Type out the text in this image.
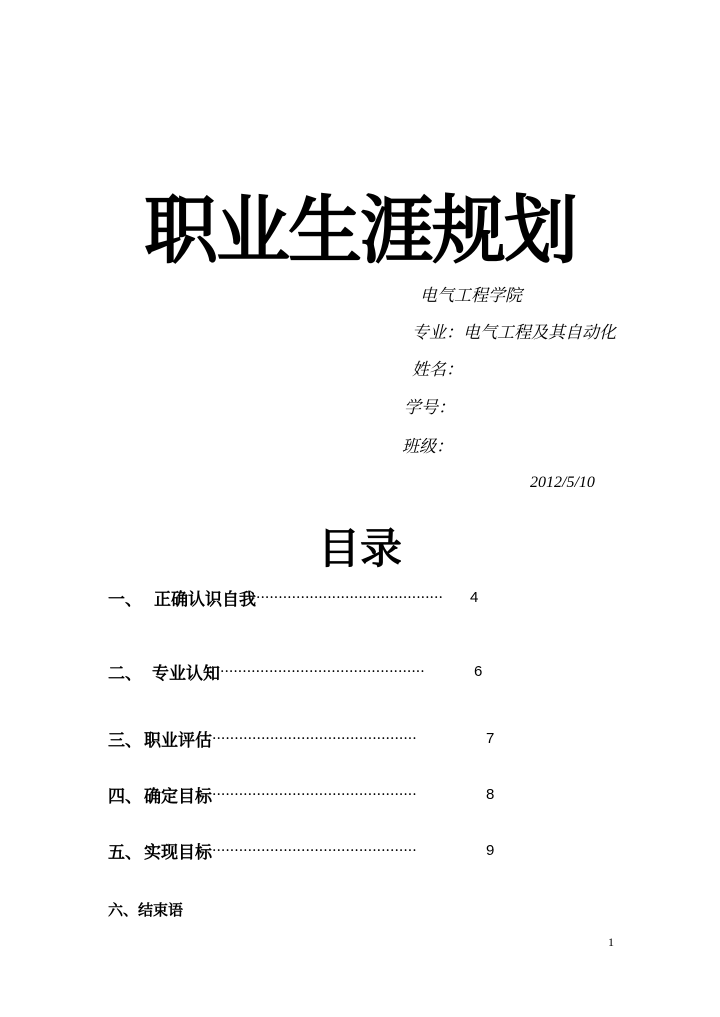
职业生涯规划
电气工程学院
专业：电气工程及其自动化
姓名：
学号：
班级：
2012/5/10
目录
一、 正确认识自我 ··········································	4
二、 专业认知 ··············································	6
三、 职业评估 ··············································	7
四、 确定目标 ··············································	8
五、 实现目标 ··············································	9
六、 结束语
1
